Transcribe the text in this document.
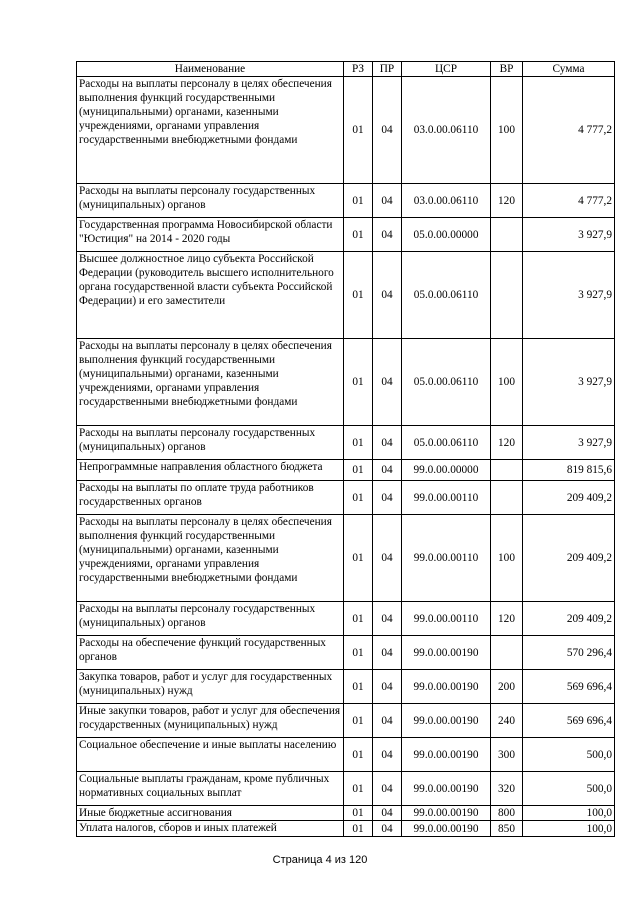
Наименование	РЗ	ПР	ЦСР	ВР	Сумма
Расходы на выплаты персоналу в целях обеспечения выполнения функций государственными (муниципальными) органами, казенными учреждениями, органами управления государственными внебюджетными фондами	01	04	03.0.00.06110	100	4 777,2
Расходы на выплаты персоналу государственных (муниципальных) органов	01	04	03.0.00.06110	120	4 777,2
Государственная программа Новосибирской области "Юстиция" на 2014 - 2020 годы	01	04	05.0.00.00000		3 927,9
Высшее должностное лицо субъекта Российской Федерации (руководитель высшего исполнительного органа государственной власти субъекта Российской Федерации) и его заместители	01	04	05.0.00.06110		3 927,9
Расходы на выплаты персоналу в целях обеспечения выполнения функций государственными (муниципальными) органами, казенными учреждениями, органами управления государственными внебюджетными фондами	01	04	05.0.00.06110	100	3 927,9
Расходы на выплаты персоналу государственных (муниципальных) органов	01	04	05.0.00.06110	120	3 927,9
Непрограммные направления областного бюджета	01	04	99.0.00.00000		819 815,6
Расходы на выплаты по оплате труда работников государственных органов	01	04	99.0.00.00110		209 409,2
Расходы на выплаты персоналу в целях обеспечения выполнения функций государственными (муниципальными) органами, казенными учреждениями, органами управления государственными внебюджетными фондами	01	04	99.0.00.00110	100	209 409,2
Расходы на выплаты персоналу государственных (муниципальных) органов	01	04	99.0.00.00110	120	209 409,2
Расходы на обеспечение функций государственных органов	01	04	99.0.00.00190		570 296,4
Закупка товаров, работ и услуг для государственных (муниципальных) нужд	01	04	99.0.00.00190	200	569 696,4
Иные закупки товаров, работ и услуг для обеспечения государственных (муниципальных) нужд	01	04	99.0.00.00190	240	569 696,4
Социальное обеспечение и иные выплаты населению	01	04	99.0.00.00190	300	500,0
Социальные выплаты гражданам, кроме публичных нормативных социальных выплат	01	04	99.0.00.00190	320	500,0
Иные бюджетные ассигнования	01	04	99.0.00.00190	800	100,0
Уплата налогов, сборов и иных платежей	01	04	99.0.00.00190	850	100,0
Страница 4 из 120
